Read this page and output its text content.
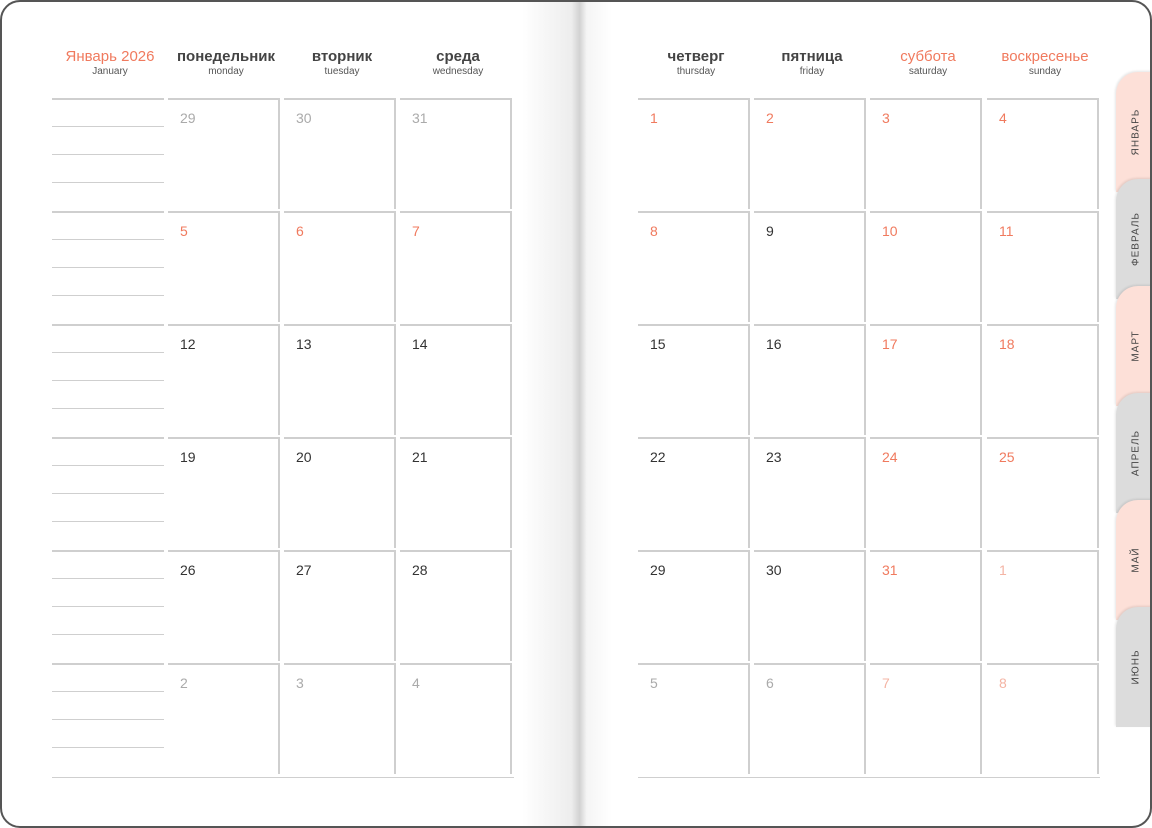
Январь 2026
January
понедельник
monday
вторник
tuesday
среда
wednesday
четверг
thursday
пятница
friday
суббота
saturday
воскресенье
sunday
29	30	31	1	2	3	4
5	6	7	8	9	10	11
12	13	14	15	16	17	18
19	20	21	22	23	24	25
26	27	28	29	30	31	1
2	3	4	5	6	7	8
ЯНВАРЬ
ФЕВРАЛЬ
МАРТ
АПРЕЛЬ
МАЙ
ИЮНЬ
